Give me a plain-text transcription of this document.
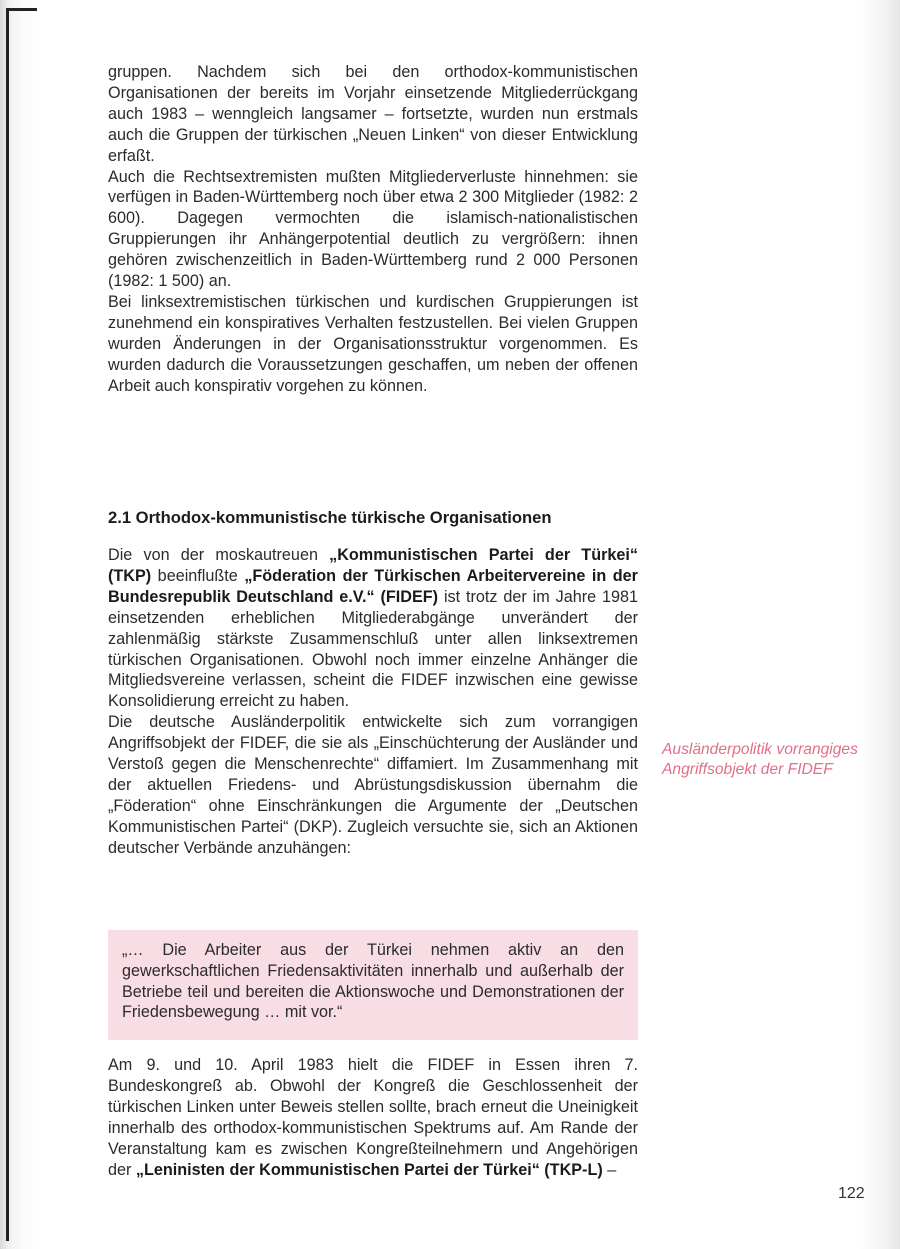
gruppen. Nachdem sich bei den orthodox-kommunistischen Organisationen der bereits im Vorjahr einsetzende Mitgliederrückgang auch 1983 – wenngleich langsamer – fortsetzte, wurden nun erstmals auch die Gruppen der türkischen „Neuen Linken“ von dieser Entwicklung erfaßt.

Auch die Rechtsextremisten mußten Mitgliederverluste hinnehmen: sie verfügen in Baden-Württemberg noch über etwa 2 300 Mitglieder (1982: 2 600). Dagegen vermochten die islamisch-nationalistischen Gruppierungen ihr Anhängerpotential deutlich zu vergrößern: ihnen gehören zwischenzeitlich in Baden-Württemberg rund 2 000 Personen (1982: 1 500) an.

Bei linksextremistischen türkischen und kurdischen Gruppierungen ist zunehmend ein konspiratives Verhalten festzustellen. Bei vielen Gruppen wurden Änderungen in der Organisationsstruktur vorgenommen. Es wurden dadurch die Voraussetzungen geschaffen, um neben der offenen Arbeit auch konspirativ vorgehen zu können.

2.1 Orthodox-kommunistische türkische Organisationen

Die von der moskautreuen „Kommunistischen Partei der Türkei“ (TKP) beeinflußte „Föderation der Türkischen Arbeitervereine in der Bundesrepublik Deutschland e.V.“ (FIDEF) ist trotz der im Jahre 1981 einsetzenden erheblichen Mitgliederabgänge unverändert der zahlenmäßig stärkste Zusammenschluß unter allen linksextremen türkischen Organisationen. Obwohl noch immer einzelne Anhänger die Mitgliedsvereine verlassen, scheint die FIDEF inzwischen eine gewisse Konsolidierung erreicht zu haben.

Die deutsche Ausländerpolitik entwickelte sich zum vorrangigen Angriffsobjekt der FIDEF, die sie als „Einschüchterung der Ausländer und Verstoß gegen die Menschenrechte“ diffamiert. Im Zusammenhang mit der aktuellen Friedens- und Abrüstungsdiskussion übernahm die „Föderation“ ohne Einschränkungen die Argumente der „Deutschen Kommunistischen Partei“ (DKP). Zugleich versuchte sie, sich an Aktionen deutscher Verbände anzuhängen:

„… Die Arbeiter aus der Türkei nehmen aktiv an den gewerkschaftlichen Friedensaktivitäten innerhalb und außerhalb der Betriebe teil und bereiten die Aktionswoche und Demonstrationen der Friedensbewegung … mit vor.“

Am 9. und 10. April 1983 hielt die FIDEF in Essen ihren 7. Bundeskongreß ab. Obwohl der Kongreß die Geschlossenheit der türkischen Linken unter Beweis stellen sollte, brach erneut die Uneinigkeit innerhalb des orthodox-kommunistischen Spektrums auf. Am Rande der Veranstaltung kam es zwischen Kongreßteilnehmern und Angehörigen der „Leninisten der Kommunistischen Partei der Türkei“ (TKP-L) –

Ausländerpolitik vorrangiges Angriffsobjekt der FIDEF
122
